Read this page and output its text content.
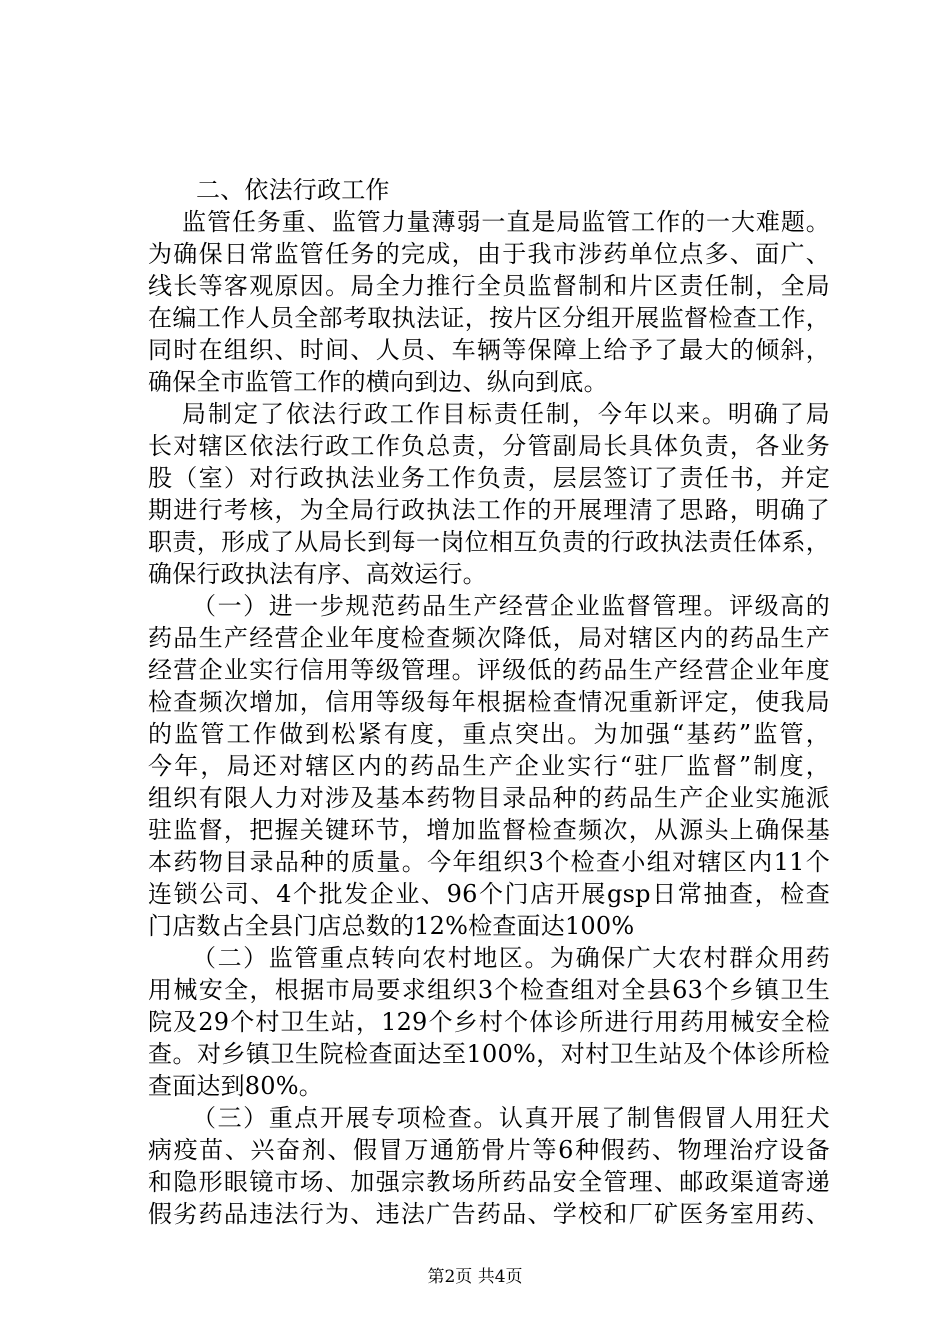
二、依法行政工作
监管任务重、监管力量薄弱一直是局监管工作的一大难题。
为确保日常监管任务的完成，由于我市涉药单位点多、面广、
线长等客观原因。局全力推行全员监督制和片区责任制，全局
在编工作人员全部考取执法证，按片区分组开展监督检查工作，
同时在组织、时间、人员、车辆等保障上给予了最大的倾斜，
确保全市监管工作的横向到边、纵向到底。
局制定了依法行政工作目标责任制，今年以来。明确了局
长对辖区依法行政工作负总责，分管副局长具体负责，各业务
股（室）对行政执法业务工作负责，层层签订了责任书，并定
期进行考核，为全局行政执法工作的开展理清了思路，明确了
职责，形成了从局长到每一岗位相互负责的行政执法责任体系，
确保行政执法有序、高效运行。
（一）进一步规范药品生产经营企业监督管理。评级高的
药品生产经营企业年度检查频次降低，局对辖区内的药品生产
经营企业实行信用等级管理。评级低的药品生产经营企业年度
检查频次增加，信用等级每年根据检查情况重新评定，使我局
的监管工作做到松紧有度，重点突出。为加强“基药”监管，
今年，局还对辖区内的药品生产企业实行“驻厂监督”制度，
组织有限人力对涉及基本药物目录品种的药品生产企业实施派
驻监督，把握关键环节，增加监督检查频次，从源头上确保基
本药物目录品种的质量。今年组织3个检查小组对辖区内11个
连锁公司、4个批发企业、96个门店开展gsp日常抽查，检查
门店数占全县门店总数的12%检查面达100%
（二）监管重点转向农村地区。为确保广大农村群众用药
用械安全，根据市局要求组织3个检查组对全县63个乡镇卫生
院及29个村卫生站，129个乡村个体诊所进行用药用械安全检
查。对乡镇卫生院检查面达至100%，对村卫生站及个体诊所检
查面达到80%。
（三）重点开展专项检查。认真开展了制售假冒人用狂犬
病疫苗、兴奋剂、假冒万通筋骨片等6种假药、物理治疗设备
和隐形眼镜市场、加强宗教场所药品安全管理、邮政渠道寄递
假劣药品违法行为、违法广告药品、学校和厂矿医务室用药、
第2页 共4页
